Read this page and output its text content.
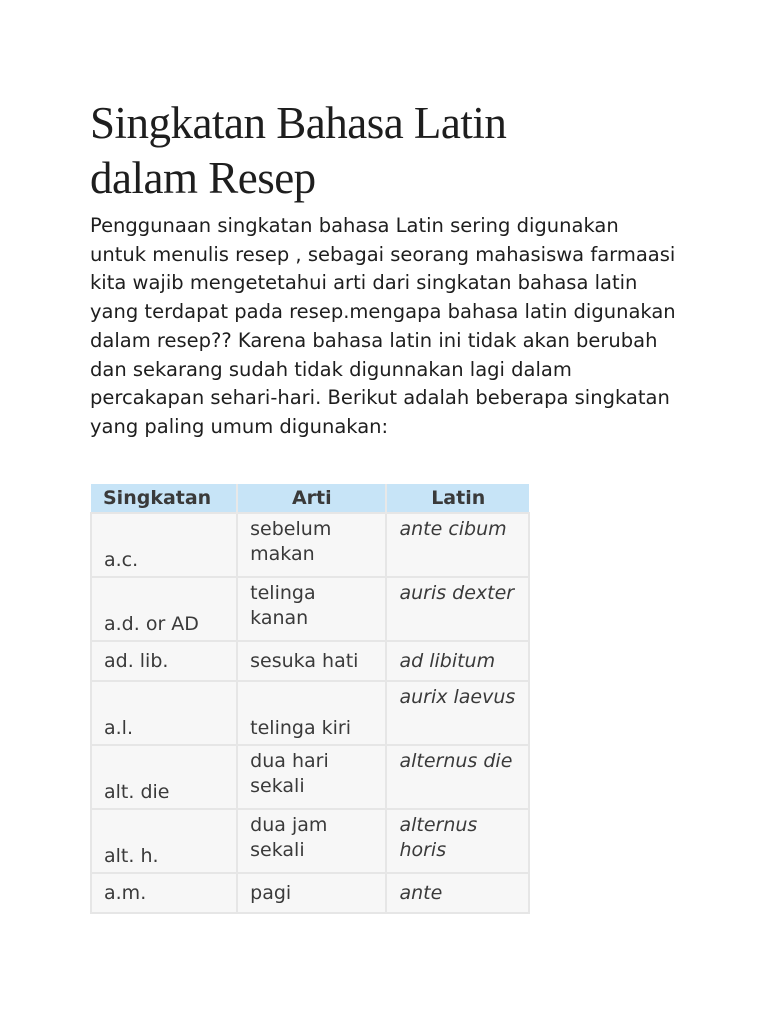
Singkatan Bahasa Latin
dalam Resep

Penggunaan singkatan bahasa Latin sering digunakan untuk menulis resep , sebagai seorang mahasiswa farmaasi kita wajib mengetetahui arti dari singkatan bahasa latin yang terdapat pada resep.mengapa bahasa latin digunakan dalam resep?? Karena bahasa latin ini tidak akan berubah dan sekarang sudah tidak digunnakan lagi dalam percakapan sehari-hari. Berikut adalah beberapa singkatan yang paling umum digunakan:

Singkatan	Arti	Latin
a.c.	sebelum makan	ante cibum
a.d. or AD	telinga kanan	auris dexter
ad. lib.	sesuka hati	ad libitum
a.l.	telinga kiri	aurix laevus
alt. die	dua hari sekali	alternus die
alt. h.	dua jam sekali	alternus horis
a.m.	pagi	ante
